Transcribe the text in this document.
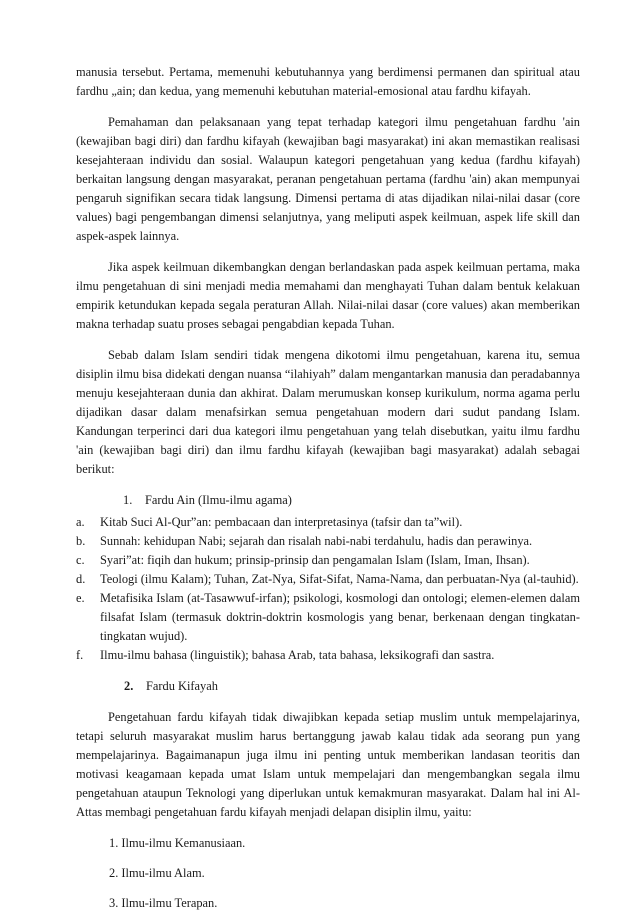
manusia tersebut. Pertama, memenuhi kebutuhannya yang berdimensi permanen dan spiritual atau fardhu „ain; dan kedua, yang memenuhi kebutuhan material-emosional atau fardhu kifayah.

Pemahaman dan pelaksanaan yang tepat terhadap kategori ilmu pengetahuan fardhu 'ain (kewajiban bagi diri) dan fardhu kifayah (kewajiban bagi masyarakat) ini akan memastikan realisasi kesejahteraan individu dan sosial. Walaupun kategori pengetahuan yang kedua (fardhu kifayah) berkaitan langsung dengan masyarakat, peranan pengetahuan pertama (fardhu 'ain) akan mempunyai pengaruh signifikan secara tidak langsung. Dimensi pertama di atas dijadikan nilai-nilai dasar (core values) bagi pengembangan dimensi selanjutnya, yang meliputi aspek keilmuan, aspek life skill dan aspek-aspek lainnya.

Jika aspek keilmuan dikembangkan dengan berlandaskan pada aspek keilmuan pertama, maka ilmu pengetahuan di sini menjadi media memahami dan menghayati Tuhan dalam bentuk kelakuan empirik ketundukan kepada segala peraturan Allah. Nilai-nilai dasar (core values) akan memberikan makna terhadap suatu proses sebagai pengabdian kepada Tuhan.

Sebab dalam Islam sendiri tidak mengena dikotomi ilmu pengetahuan, karena itu, semua disiplin ilmu bisa didekati dengan nuansa “ilahiyah” dalam mengantarkan manusia dan peradabannya menuju kesejahteraan dunia dan akhirat. Dalam merumuskan konsep kurikulum, norma agama perlu dijadikan dasar dalam menafsirkan semua pengetahuan modern dari sudut pandang Islam. Kandungan terperinci dari dua kategori ilmu pengetahuan yang telah disebutkan, yaitu ilmu fardhu 'ain (kewajiban bagi diri) dan ilmu fardhu kifayah (kewajiban bagi masyarakat) adalah sebagai berikut:

1. Fardu Ain (Ilmu-ilmu agama)
a.	Kitab Suci Al-Qur”an: pembacaan dan interpretasinya (tafsir dan ta”wil).
b.	Sunnah: kehidupan Nabi; sejarah dan risalah nabi-nabi terdahulu, hadis dan perawinya.
c.	Syari”at: fiqih dan hukum; prinsip-prinsip dan pengamalan Islam (Islam, Iman, Ihsan).
d.	Teologi (ilmu Kalam); Tuhan, Zat-Nya, Sifat-Sifat, Nama-Nama, dan perbuatan-Nya (al-tauhid).
e.	Metafisika Islam (at-Tasawwuf-irfan); psikologi, kosmologi dan ontologi; elemen-elemen dalam filsafat Islam (termasuk doktrin-doktrin kosmologis yang benar, berkenaan dengan tingkatan-tingkatan wujud).
f.	Ilmu-ilmu bahasa (linguistik); bahasa Arab, tata bahasa, leksikografi dan sastra.
2. Fardu Kifayah

Pengetahuan fardu kifayah tidak diwajibkan kepada setiap muslim untuk mempelajarinya, tetapi seluruh masyarakat muslim harus bertanggung jawab kalau tidak ada seorang pun yang mempelajarinya. Bagaimanapun juga ilmu ini penting untuk memberikan landasan teoritis dan motivasi keagamaan kepada umat Islam untuk mempelajari dan mengembangkan segala ilmu pengetahuan ataupun Teknologi yang diperlukan untuk kemakmuran masyarakat. Dalam hal ini Al-Attas membagi pengetahuan fardu kifayah menjadi delapan disiplin ilmu, yaitu:

1. Ilmu-ilmu Kemanusiaan.
2. Ilmu-ilmu Alam.
3. Ilmu-ilmu Terapan.
